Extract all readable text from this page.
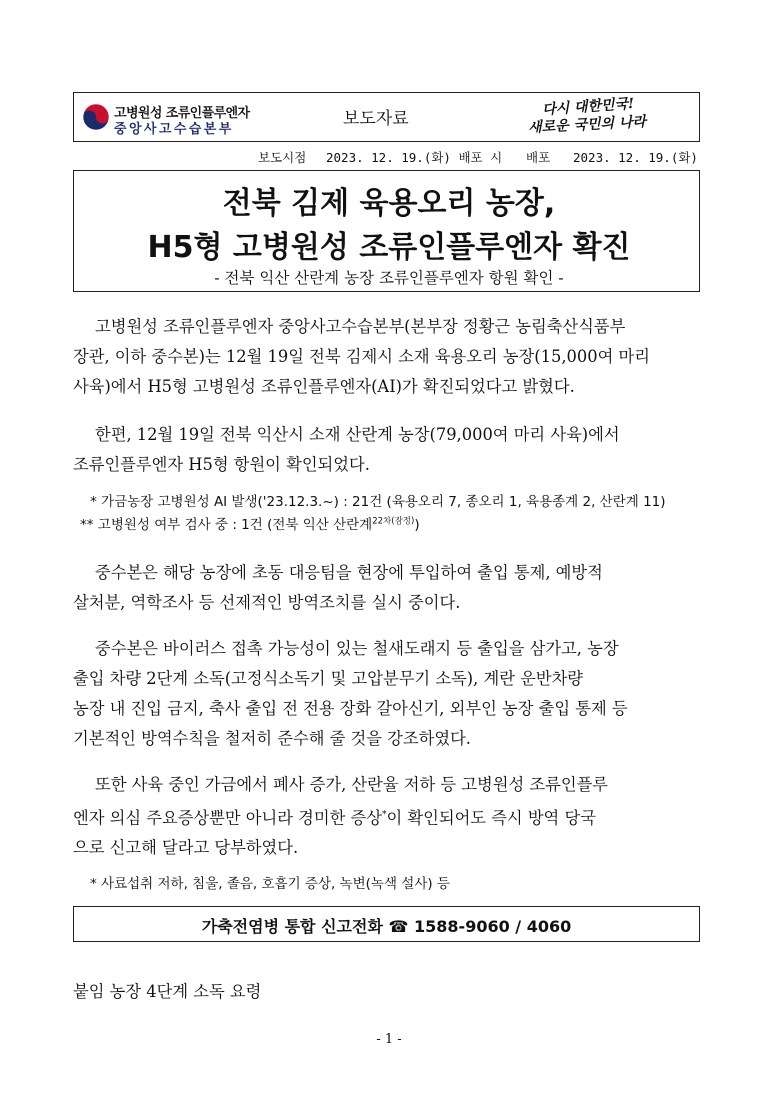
고병원성 조류인플루엔자
중앙사고수습본부
보도자료
다시 대한민국!
새로운 국민의 나라
보도시점 2023. 12. 19.(화) 배포 시 배포 2023. 12. 19.(화)
전북 김제 육용오리 농장,
H5형 고병원성 조류인플루엔자 확진
- 전북 익산 산란계 농장 조류인플루엔자 항원 확인 -
고병원성 조류인플루엔자 중앙사고수습본부(본부장 정황근 농림축산식품부
장관, 이하 중수본)는 12월 19일 전북 김제시 소재 육용오리 농장(15,000여 마리
사육)에서 H5형 고병원성 조류인플루엔자(AI)가 확진되었다고 밝혔다.
한편, 12월 19일 전북 익산시 소재 산란계 농장(79,000여 마리 사육)에서
조류인플루엔자 H5형 항원이 확인되었다.
* 가금농장 고병원성 AI 발생('23.12.3.~) : 21건 (육용오리 7, 종오리 1, 육용종계 2, 산란계 11)
** 고병원성 여부 검사 중 : 1건 (전북 익산 산란계$^{22차(잠정)}$)
중수본은 해당 농장에 초동 대응팀을 현장에 투입하여 출입 통제, 예방적
살처분, 역학조사 등 선제적인 방역조치를 실시 중이다.
중수본은 바이러스 접촉 가능성이 있는 철새도래지 등 출입을 삼가고, 농장
출입 차량 2단계 소독(고정식소독기 및 고압분무기 소독), 계란 운반차량
농장 내 진입 금지, 축사 출입 전 전용 장화 갈아신기, 외부인 농장 출입 통제 등
기본적인 방역수칙을 철저히 준수해 줄 것을 강조하였다.
또한 사육 중인 가금에서 폐사 증가, 산란율 저하 등 고병원성 조류인플루
엔자 의심 주요증상뿐만 아니라 경미한 증상*이 확인되어도 즉시 방역 당국
으로 신고해 달라고 당부하였다.
* 사료섭취 저하, 침울, 졸음, 호흡기 증상, 녹변(녹색 설사) 등
가축전염병 통합 신고전화 ☎ 1588-9060 / 4060
붙임 농장 4단계 소독 요령
- 1 -
